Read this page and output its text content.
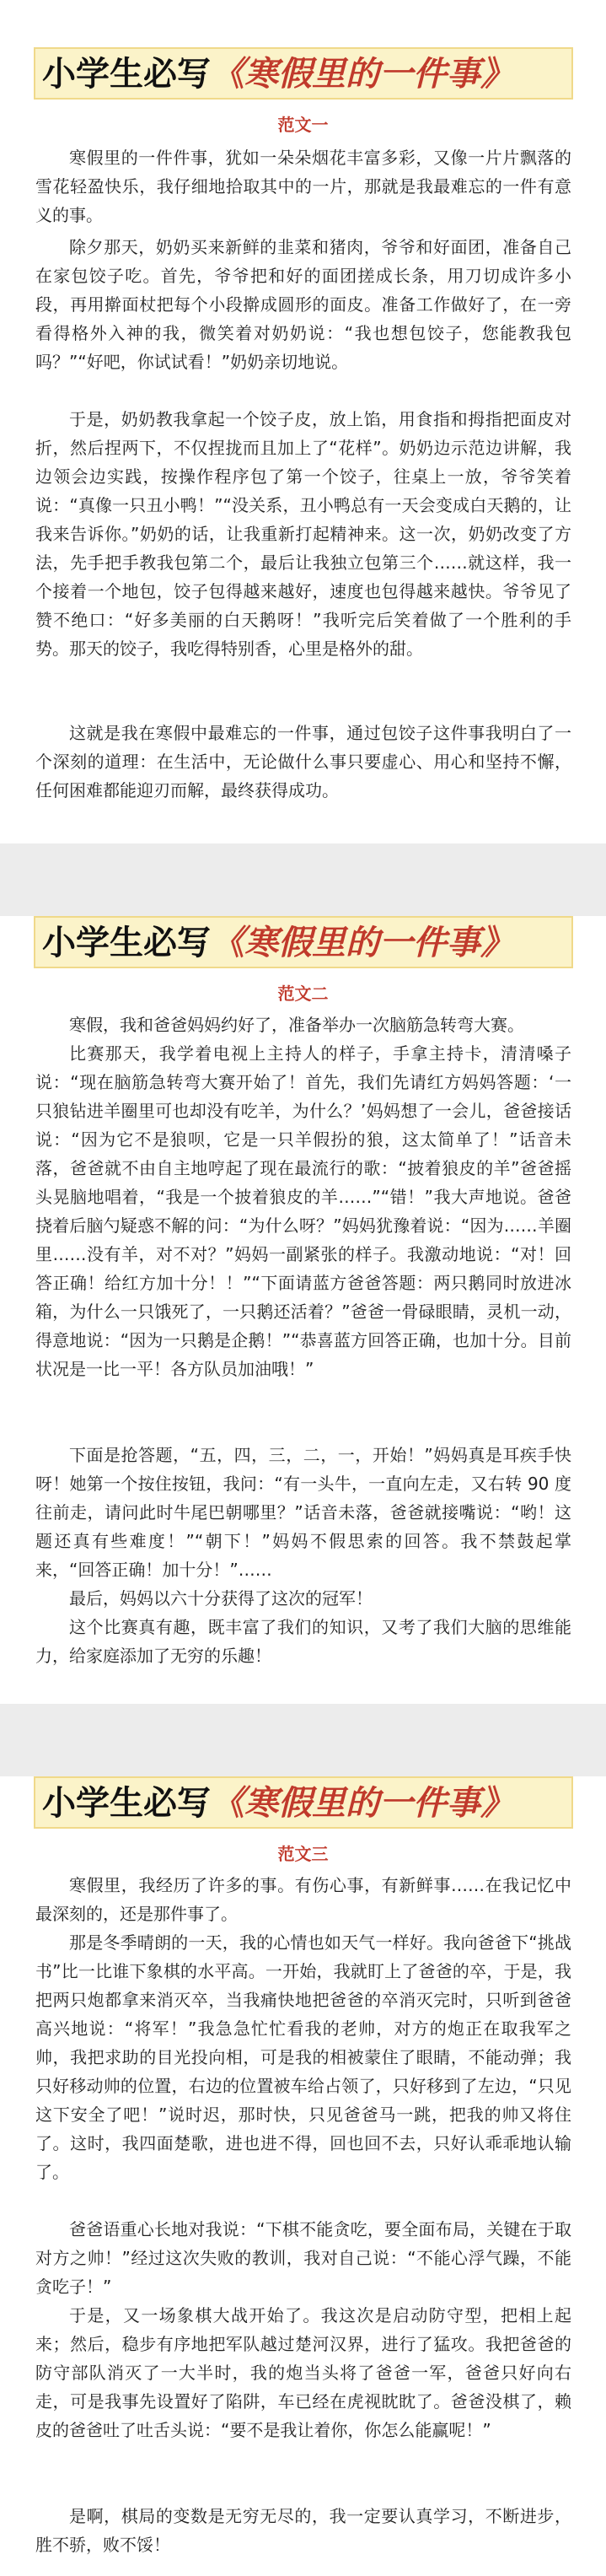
小学生必写《寒假里的一件事》
范文一

寒假里的一件件事，犹如一朵朵烟花丰富多彩，又像一片片飘落的雪花轻盈快乐，我仔细地拾取其中的一片，那就是我最难忘的一件有意义的事。

除夕那天，奶奶买来新鲜的韭菜和猪肉，爷爷和好面团，准备自己在家包饺子吃。首先，爷爷把和好的面团搓成长条，用刀切成许多小段，再用擀面杖把每个小段擀成圆形的面皮。准备工作做好了，在一旁看得格外入神的我，微笑着对奶奶说：“我也想包饺子，您能教我包吗？”“好吧，你试试看！”奶奶亲切地说。

于是，奶奶教我拿起一个饺子皮，放上馅，用食指和拇指把面皮对折，然后捏两下，不仅捏拢而且加上了“花样”。奶奶边示范边讲解，我边领会边实践，按操作程序包了第一个饺子，往桌上一放，爷爷笑着说：“真像一只丑小鸭！”“没关系，丑小鸭总有一天会变成白天鹅的，让我来告诉你。”奶奶的话，让我重新打起精神来。这一次，奶奶改变了方法，先手把手教我包第二个，最后让我独立包第三个……就这样，我一个接着一个地包，饺子包得越来越好，速度也包得越来越快。爷爷见了赞不绝口：“好多美丽的白天鹅呀！”我听完后笑着做了一个胜利的手势。那天的饺子，我吃得特别香，心里是格外的甜。

这就是我在寒假中最难忘的一件事，通过包饺子这件事我明白了一个深刻的道理：在生活中，无论做什么事只要虚心、用心和坚持不懈，任何困难都能迎刃而解，最终获得成功。

小学生必写《寒假里的一件事》
范文二

寒假，我和爸爸妈妈约好了，准备举办一次脑筋急转弯大赛。

比赛那天，我学着电视上主持人的样子，手拿主持卡，清清嗓子说：“现在脑筋急转弯大赛开始了！首先，我们先请红方妈妈答题：‘一只狼钻进羊圈里可也却没有吃羊，为什么？’妈妈想了一会儿，爸爸接话说：“因为它不是狼呗，它是一只羊假扮的狼，这太简单了！”话音未落，爸爸就不由自主地哼起了现在最流行的歌：“披着狼皮的羊”爸爸摇头晃脑地唱着，“我是一个披着狼皮的羊……”“错！”我大声地说。爸爸挠着后脑勺疑惑不解的问：“为什么呀？”妈妈犹豫着说：“因为……羊圈里……没有羊，对不对？”妈妈一副紧张的样子。我激动地说：“对！回答正确！给红方加十分！！”“下面请蓝方爸爸答题：两只鹅同时放进冰箱，为什么一只饿死了，一只鹅还活着？”爸爸一骨碌眼睛，灵机一动，得意地说：“因为一只鹅是企鹅！”“恭喜蓝方回答正确，也加十分。目前状况是一比一平！各方队员加油哦！”

下面是抢答题，“五，四，三，二，一，开始！”妈妈真是耳疾手快呀！她第一个按住按钮，我问：“有一头牛，一直向左走，又右转 90 度往前走，请问此时牛尾巴朝哪里？”话音未落，爸爸就接嘴说：“哟！这题还真有些难度！”“朝下！”妈妈不假思索的回答。我不禁鼓起掌来，“回答正确！加十分！”……

最后，妈妈以六十分获得了这次的冠军！

这个比赛真有趣，既丰富了我们的知识，又考了我们大脑的思维能力，给家庭添加了无穷的乐趣！

小学生必写《寒假里的一件事》
范文三

寒假里，我经历了许多的事。有伤心事，有新鲜事……在我记忆中最深刻的，还是那件事了。

那是冬季晴朗的一天，我的心情也如天气一样好。我向爸爸下“挑战书”比一比谁下象棋的水平高。一开始，我就盯上了爸爸的卒，于是，我把两只炮都拿来消灭卒，当我痛快地把爸爸的卒消灭完时，只听到爸爸高兴地说：“将军！”我急急忙忙看我的老帅，对方的炮正在取我军之帅，我把求助的目光投向相，可是我的相被蒙住了眼睛，不能动弹；我只好移动帅的位置，右边的位置被车给占领了，只好移到了左边，“只见这下安全了吧！”说时迟，那时快，只见爸爸马一跳，把我的帅又将住了。这时，我四面楚歌，进也进不得，回也回不去，只好认乖乖地认输了。

爸爸语重心长地对我说：“下棋不能贪吃，要全面布局，关键在于取对方之帅！”经过这次失败的教训，我对自己说：“不能心浮气躁，不能贪吃子！”

于是，又一场象棋大战开始了。我这次是启动防守型，把相上起来；然后，稳步有序地把军队越过楚河汉界，进行了猛攻。我把爸爸的防守部队消灭了一大半时，我的炮当头将了爸爸一军，爸爸只好向右走，可是我事先设置好了陷阱，车已经在虎视眈眈了。爸爸没棋了，赖皮的爸爸吐了吐舌头说：“要不是我让着你，你怎么能赢呢！”

是啊，棋局的变数是无穷无尽的，我一定要认真学习，不断进步，胜不骄，败不馁！
